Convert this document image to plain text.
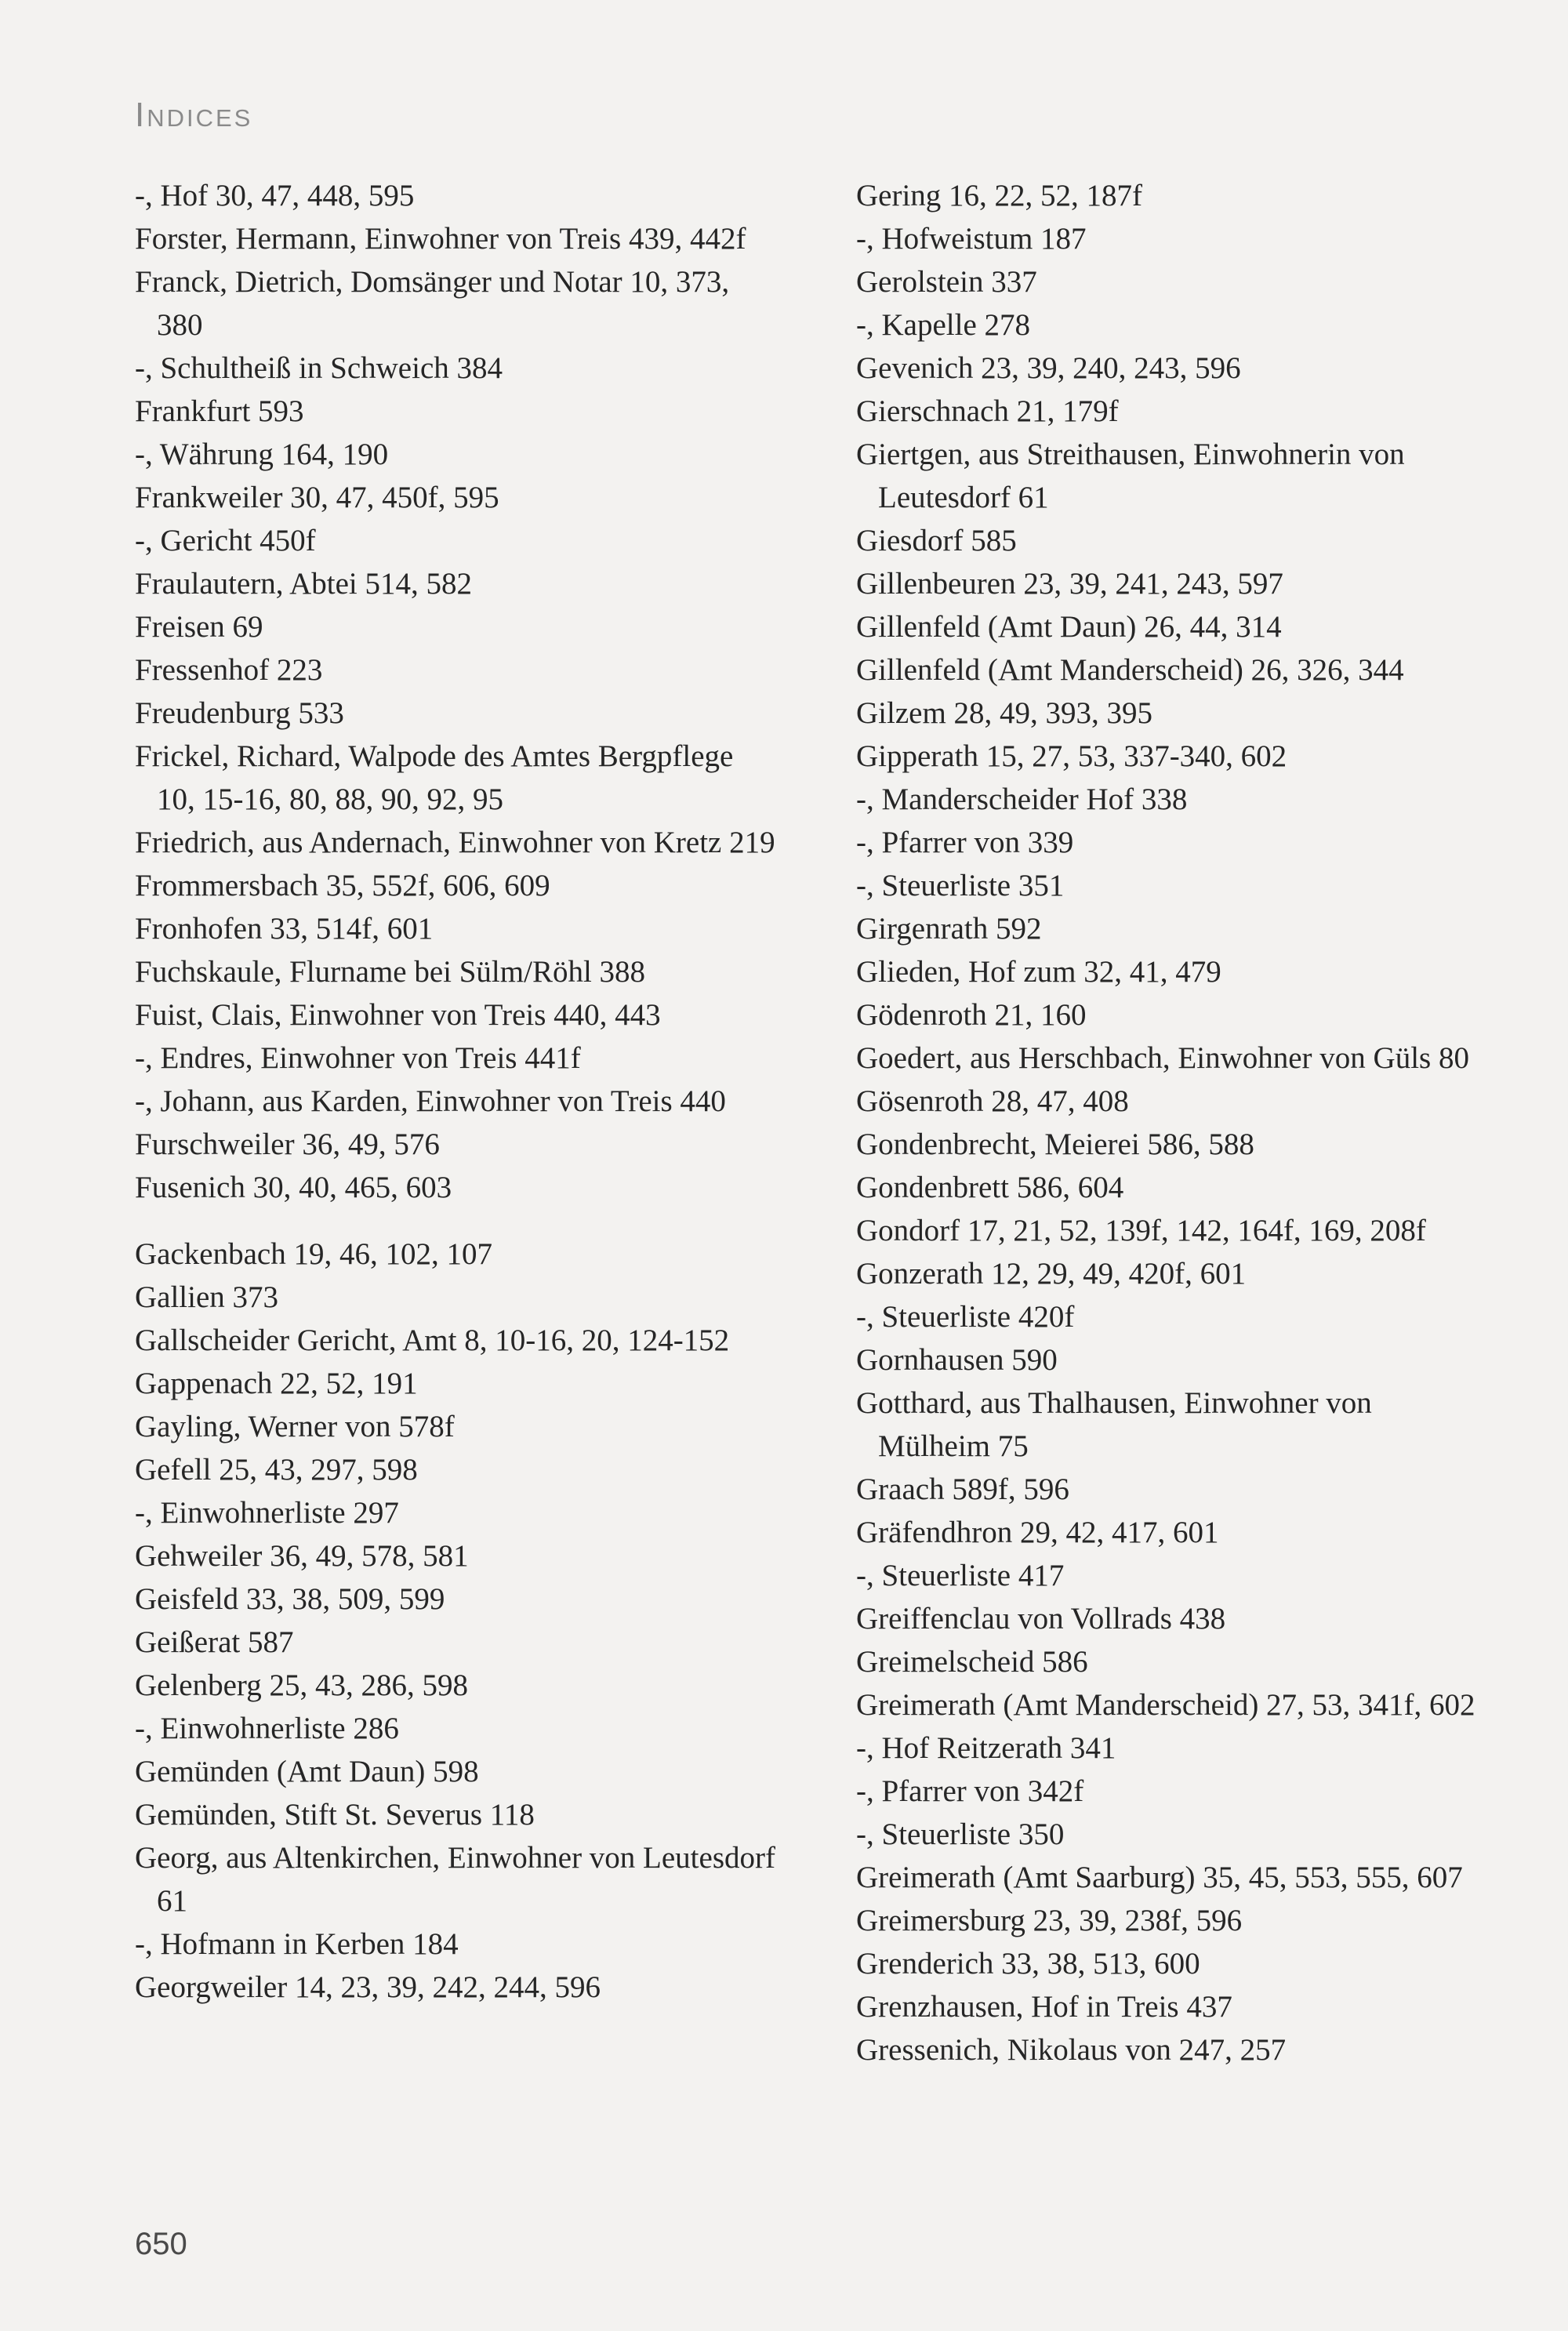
Indices

-, Hof 30, 47, 448, 595

Forster, Hermann, Einwohner von Treis 439, 442f

Franck, Dietrich, Domsänger und Notar 10, 373, 380

-, Schultheiß in Schweich 384

Frankfurt 593

-, Währung 164, 190

Frankweiler 30, 47, 450f, 595

-, Gericht 450f

Fraulautern, Abtei 514, 582

Freisen 69

Fressenhof 223

Freudenburg 533

Frickel, Richard, Walpode des Amtes Bergpflege 10, 15-16, 80, 88, 90, 92, 95

Friedrich, aus Andernach, Einwohner von Kretz 219

Frommersbach 35, 552f, 606, 609

Fronhofen 33, 514f, 601

Fuchskaule, Flurname bei Sülm/Röhl 388

Fuist, Clais, Einwohner von Treis 440, 443

-, Endres, Einwohner von Treis 441f

-, Johann, aus Karden, Einwohner von Treis 440

Furschweiler 36, 49, 576

Fusenich 30, 40, 465, 603

Gackenbach 19, 46, 102, 107

Gallien 373

Gallscheider Gericht, Amt 8, 10-16, 20, 124-152

Gappenach 22, 52, 191

Gayling, Werner von 578f

Gefell 25, 43, 297, 598

-, Einwohnerliste 297

Gehweiler 36, 49, 578, 581

Geisfeld 33, 38, 509, 599

Geißerat 587

Gelenberg 25, 43, 286, 598

-, Einwohnerliste 286

Gemünden (Amt Daun) 598

Gemünden, Stift St. Severus 118

Georg, aus Altenkirchen, Einwohner von Leutesdorf 61

-, Hofmann in Kerben 184

Georgweiler 14, 23, 39, 242, 244, 596

Gering 16, 22, 52, 187f

-, Hofweistum 187

Gerolstein 337

-, Kapelle 278

Gevenich 23, 39, 240, 243, 596

Gierschnach 21, 179f

Giertgen, aus Streithausen, Einwohnerin von Leutesdorf 61

Giesdorf 585

Gillenbeuren 23, 39, 241, 243, 597

Gillenfeld (Amt Daun) 26, 44, 314

Gillenfeld (Amt Manderscheid) 26, 326, 344

Gilzem 28, 49, 393, 395

Gipperath 15, 27, 53, 337-340, 602

-, Manderscheider Hof 338

-, Pfarrer von 339

-, Steuerliste 351

Girgenrath 592

Glieden, Hof zum 32, 41, 479

Gödenroth 21, 160

Goedert, aus Herschbach, Einwohner von Güls 80

Gösenroth 28, 47, 408

Gondenbrecht, Meierei 586, 588

Gondenbrett 586, 604

Gondorf 17, 21, 52, 139f, 142, 164f, 169, 208f

Gonzerath 12, 29, 49, 420f, 601

-, Steuerliste 420f

Gornhausen 590

Gotthard, aus Thalhausen, Einwohner von Mülheim 75

Graach 589f, 596

Gräfendhron 29, 42, 417, 601

-, Steuerliste 417

Greiffenclau von Vollrads 438

Greimelscheid 586

Greimerath (Amt Manderscheid) 27, 53, 341f, 602

-, Hof Reitzerath 341

-, Pfarrer von 342f

-, Steuerliste 350

Greimerath (Amt Saarburg) 35, 45, 553, 555, 607

Greimersburg 23, 39, 238f, 596

Grenderich 33, 38, 513, 600

Grenzhausen, Hof in Treis 437

Gressenich, Nikolaus von 247, 257

650
